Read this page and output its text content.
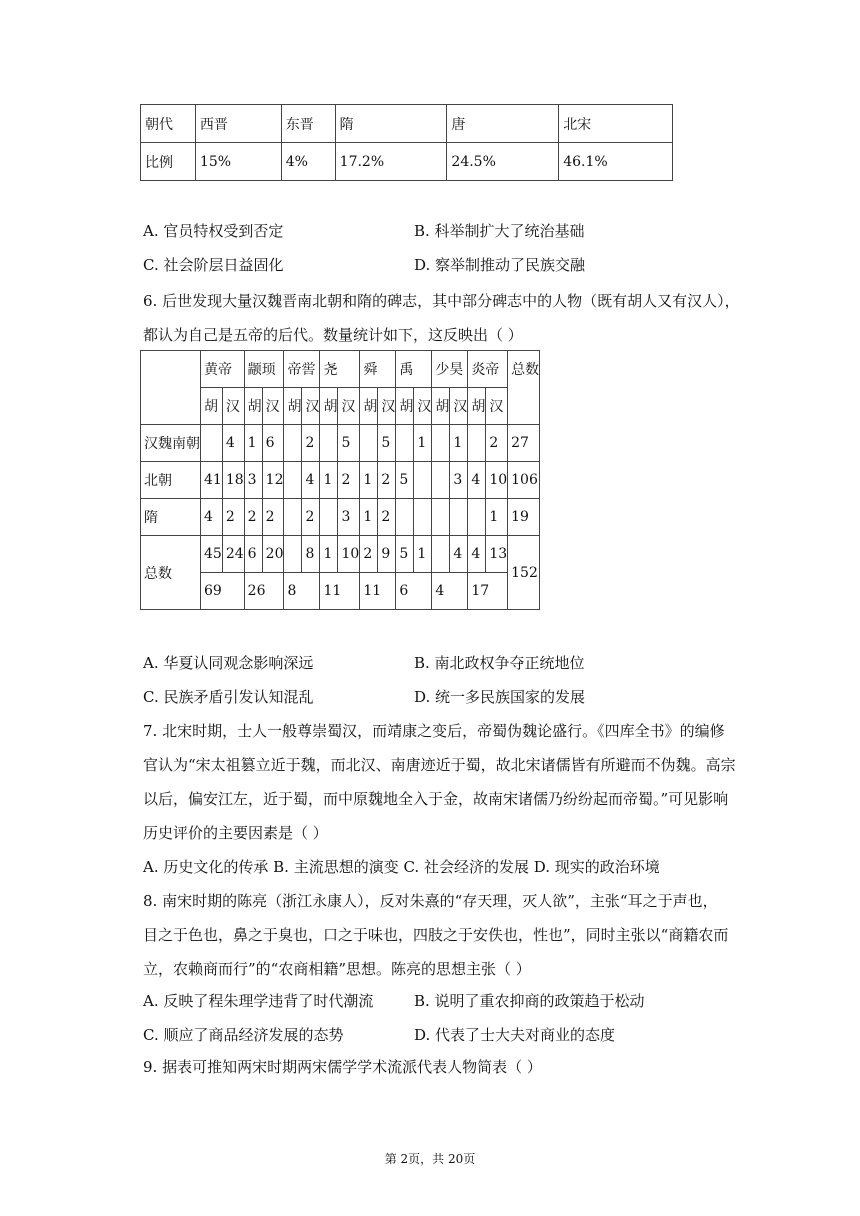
朝代	西晋	东晋	隋	唐	北宋
比例	15%	4%	17.2%	24.5%	46.1%
A. 官员特权受到否定	B. 科举制扩大了统治基础
C. 社会阶层日益固化	D. 察举制推动了民族交融
6. 后世发现大量汉魏晋南北朝和隋的碑志，其中部分碑志中的人物（既有胡人又有汉人），
都认为自己是五帝的后代。数量统计如下，这反映出（ ）
	黄帝		颛顼		帝喾		尧		舜		禹		少昊		炎帝		总数
	胡	汉	胡	汉	胡	汉	胡	汉	胡	汉	胡	汉	胡	汉	胡	汉	
汉魏南朝		4	1	6		2		5		5		1		1		2	27
北朝	41	18	3	12		4	1	2	1	2	5			3	4	10	106
隋	4	2	2	2		2		3	1	2						1	19
总数	45	24	6	20		8	1	10	2	9	5	1		4	4	13	152
	69		26		8		11		11		6		4		17		
A. 华夏认同观念影响深远	B. 南北政权争夺正统地位
C. 民族矛盾引发认知混乱	D. 统一多民族国家的发展
7. 北宋时期，士人一般尊崇蜀汉，而靖康之变后，帝蜀伪魏论盛行。《四库全书》的编修
官认为“宋太祖篡立近于魏，而北汉、南唐迹近于蜀，故北宋诸儒皆有所避而不伪魏。高宗
以后，偏安江左，近于蜀，而中原魏地全入于金，故南宋诸儒乃纷纷起而帝蜀。”可见影响
历史评价的主要因素是（ ）
A. 历史文化的传承 B. 主流思想的演变 C. 社会经济的发展 D. 现实的政治环境
8. 南宋时期的陈亮（浙江永康人），反对朱熹的“存天理，灭人欲”，主张“耳之于声也，
目之于色也，鼻之于臭也，口之于味也，四肢之于安佚也，性也”，同时主张以“商籍农而
立，农赖商而行”的“农商相籍”思想。陈亮的思想主张（ ）
A. 反映了程朱理学违背了时代潮流	B. 说明了重农抑商的政策趋于松动
C. 顺应了商品经济发展的态势	D. 代表了士大夫对商业的态度
9. 据表可推知两宋时期两宋儒学学术流派代表人物简表（ ）
第 2页，共 20页
